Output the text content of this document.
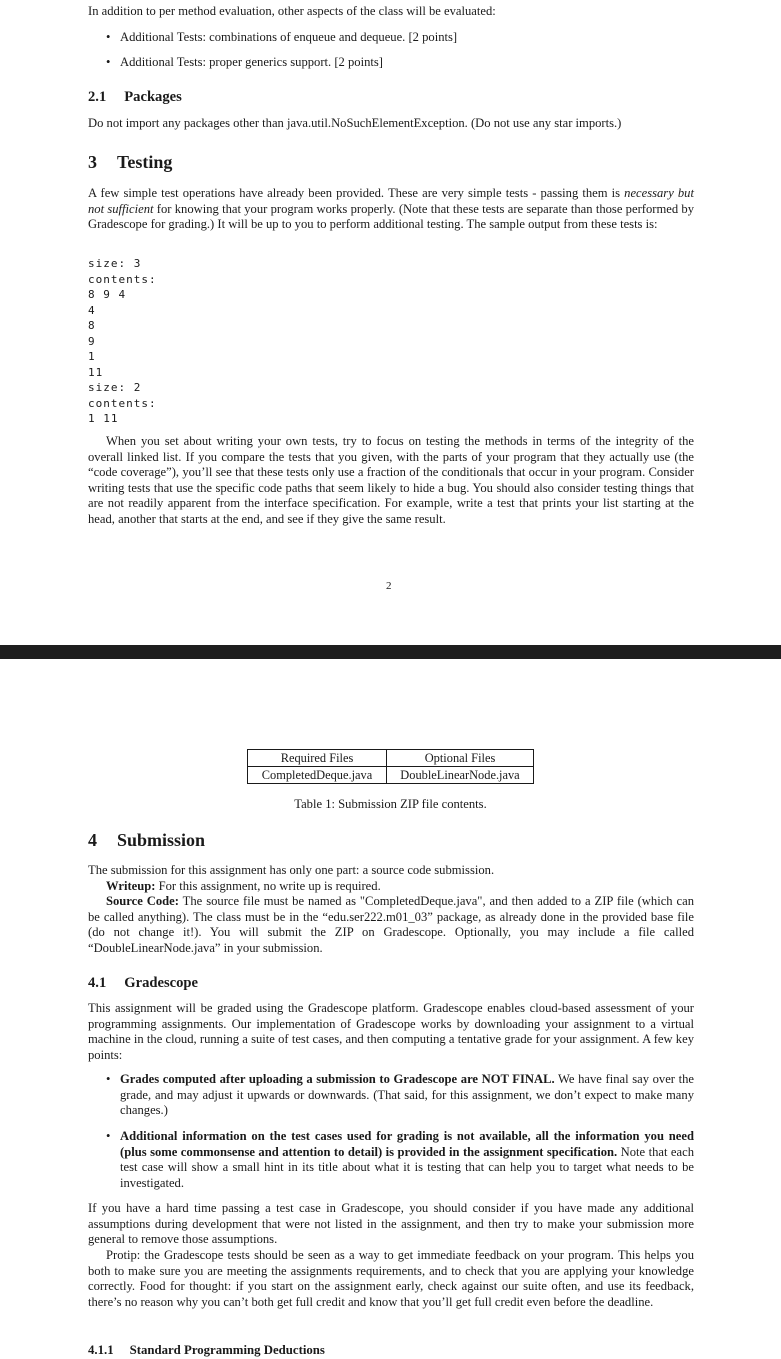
In addition to per method evaluation, other aspects of the class will be evaluated:

• Additional Tests: combinations of enqueue and dequeue. [2 points]
• Additional Tests: proper generics support. [2 points]
2.1 Packages

Do not import any packages other than java.util.NoSuchElementException. (Do not use any star imports.)

3 Testing

A few simple test operations have already been provided. These are very simple tests - passing them is necessary but not sufficient for knowing that your program works properly. (Note that these tests are separate than those performed by Gradescope for grading.) It will be up to you to perform additional testing. The sample output from these tests is:

size: 3
contents:
8 9 4
4
8
9
1
11
size: 2
contents:
1 11

When you set about writing your own tests, try to focus on testing the methods in terms of the integrity of the overall linked list. If you compare the tests that you given, with the parts of your program that they actually use (the “code coverage”), you’ll see that these tests only use a fraction of the conditionals that occur in your program. Consider writing tests that use the specific code paths that seem likely to hide a bug. You should also consider testing things that are not readily apparent from the interface specification. For example, write a test that prints your list starting at the head, another that starts at the end, and see if they give the same result.

2
Required Files	Optional Files
CompletedDeque.java	DoubleLinearNode.java

Table 1: Submission ZIP file contents.

4 Submission

The submission for this assignment has only one part: a source code submission.

Writeup: For this assignment, no write up is required.

Source Code: The source file must be named as "CompletedDeque.java", and then added to a ZIP file (which can be called anything). The class must be in the “edu.ser222.m01_03” package, as already done in the provided base file (do not change it!). You will submit the ZIP on Gradescope. Optionally, you may include a file called “DoubleLinearNode.java” in your submission.

4.1 Gradescope

This assignment will be graded using the Gradescope platform. Gradescope enables cloud-based assessment of your programming assignments. Our implementation of Gradescope works by downloading your assignment to a virtual machine in the cloud, running a suite of test cases, and then computing a tentative grade for your assignment. A few key points:

• Grades computed after uploading a submission to Gradescope are NOT FINAL. We have final say over the grade, and may adjust it upwards or downwards. (That said, for this assignment, we don’t expect to make many changes.)
• Additional information on the test cases used for grading is not available, all the information you need (plus some commonsense and attention to detail) is provided in the assignment specification. Note that each test case will show a small hint in its title about what it is testing that can help you to target what needs to be investigated.

If you have a hard time passing a test case in Gradescope, you should consider if you have made any additional assumptions during development that were not listed in the assignment, and then try to make your submission more general to remove those assumptions.

Protip: the Gradescope tests should be seen as a way to get immediate feedback on your program. This helps you both to make sure you are meeting the assignments requirements, and to check that you are applying your knowledge correctly. Food for thought: if you start on the assignment early, check against our suite often, and use its feedback, there’s no reason why you can’t both get full credit and know that you’ll get full credit even before the deadline.

4.1.1 Standard Programming Deductions
